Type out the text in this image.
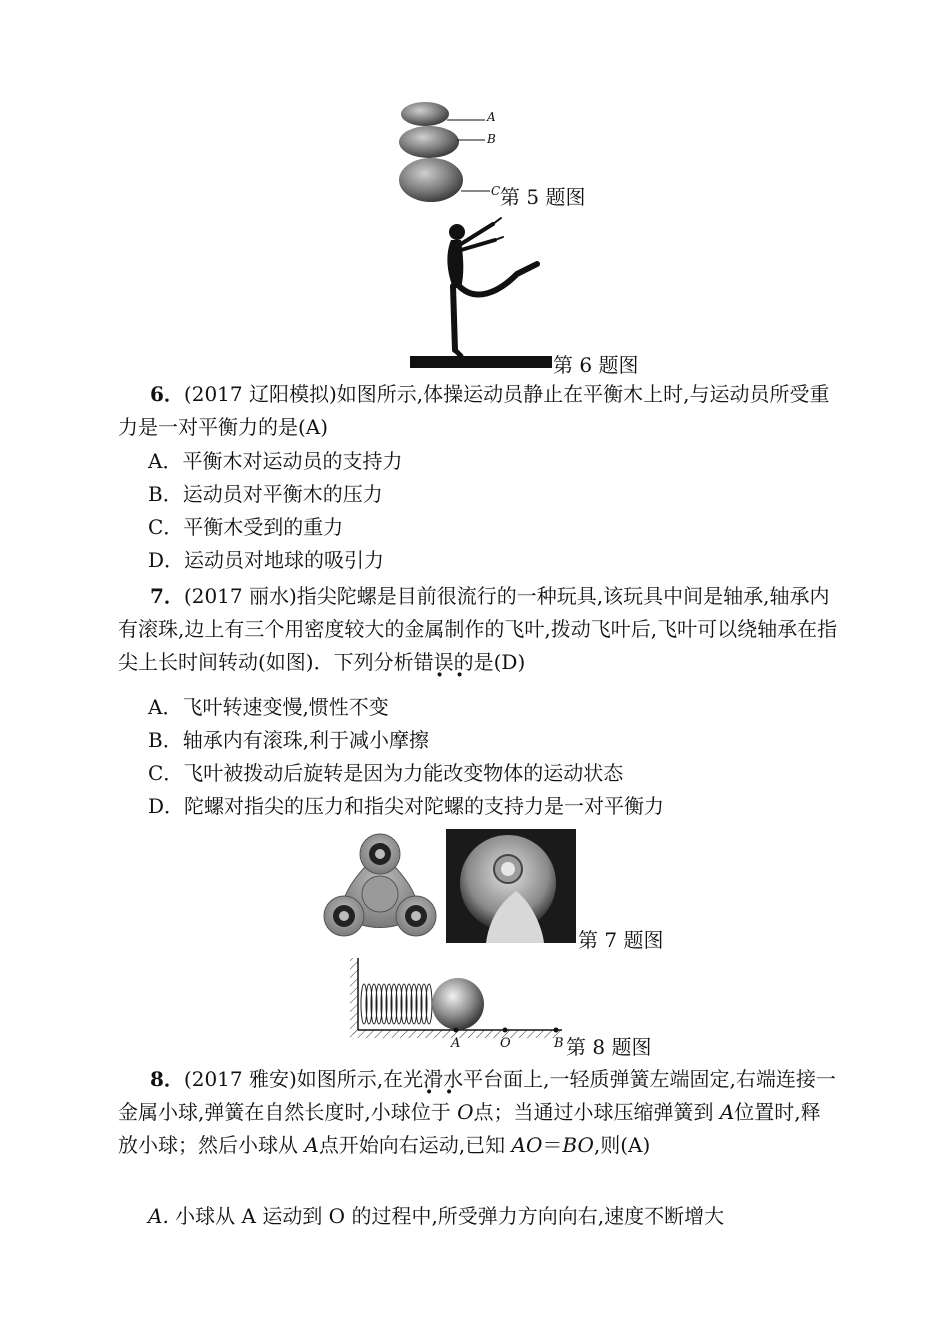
A
B
C 第 5 题图
第 6 题图

6．(2017 辽阳模拟)如图所示,体操运动员静止在平衡木上时,与运动员所受重力是一对平衡力的是(A)

A．平衡木对运动员的支持力
B．运动员对平衡木的压力
C．平衡木受到的重力
D．运动员对地球的吸引力

7．(2017 丽水)指尖陀螺是目前很流行的一种玩具,该玩具中间是轴承,轴承内有滚珠,边上有三个用密度较大的金属制作的飞叶,拨动飞叶后,飞叶可以绕轴承在指尖上长时间转动(如图)．下列分析错误的是(D)

A．飞叶转速变慢,惯性不变
B．轴承内有滚珠,利于减小摩擦
C．飞叶被拨动后旋转是因为力能改变物体的运动状态
D．陀螺对指尖的压力和指尖对陀螺的支持力是一对平衡力
第 7 题图
A	O	B 第 8 题图

8．(2017 雅安)如图所示,在光滑水平台面上,一轻质弹簧左端固定,右端连接一金属小球,弹簧在自然长度时,小球位于 O点；当通过小球压缩弹簧到 A位置时,释放小球；然后小球从 A点开始向右运动,已知 AO＝BO,则(A)

A. 小球从 A 运动到 O 的过程中,所受弹力方向向右,速度不断增大
